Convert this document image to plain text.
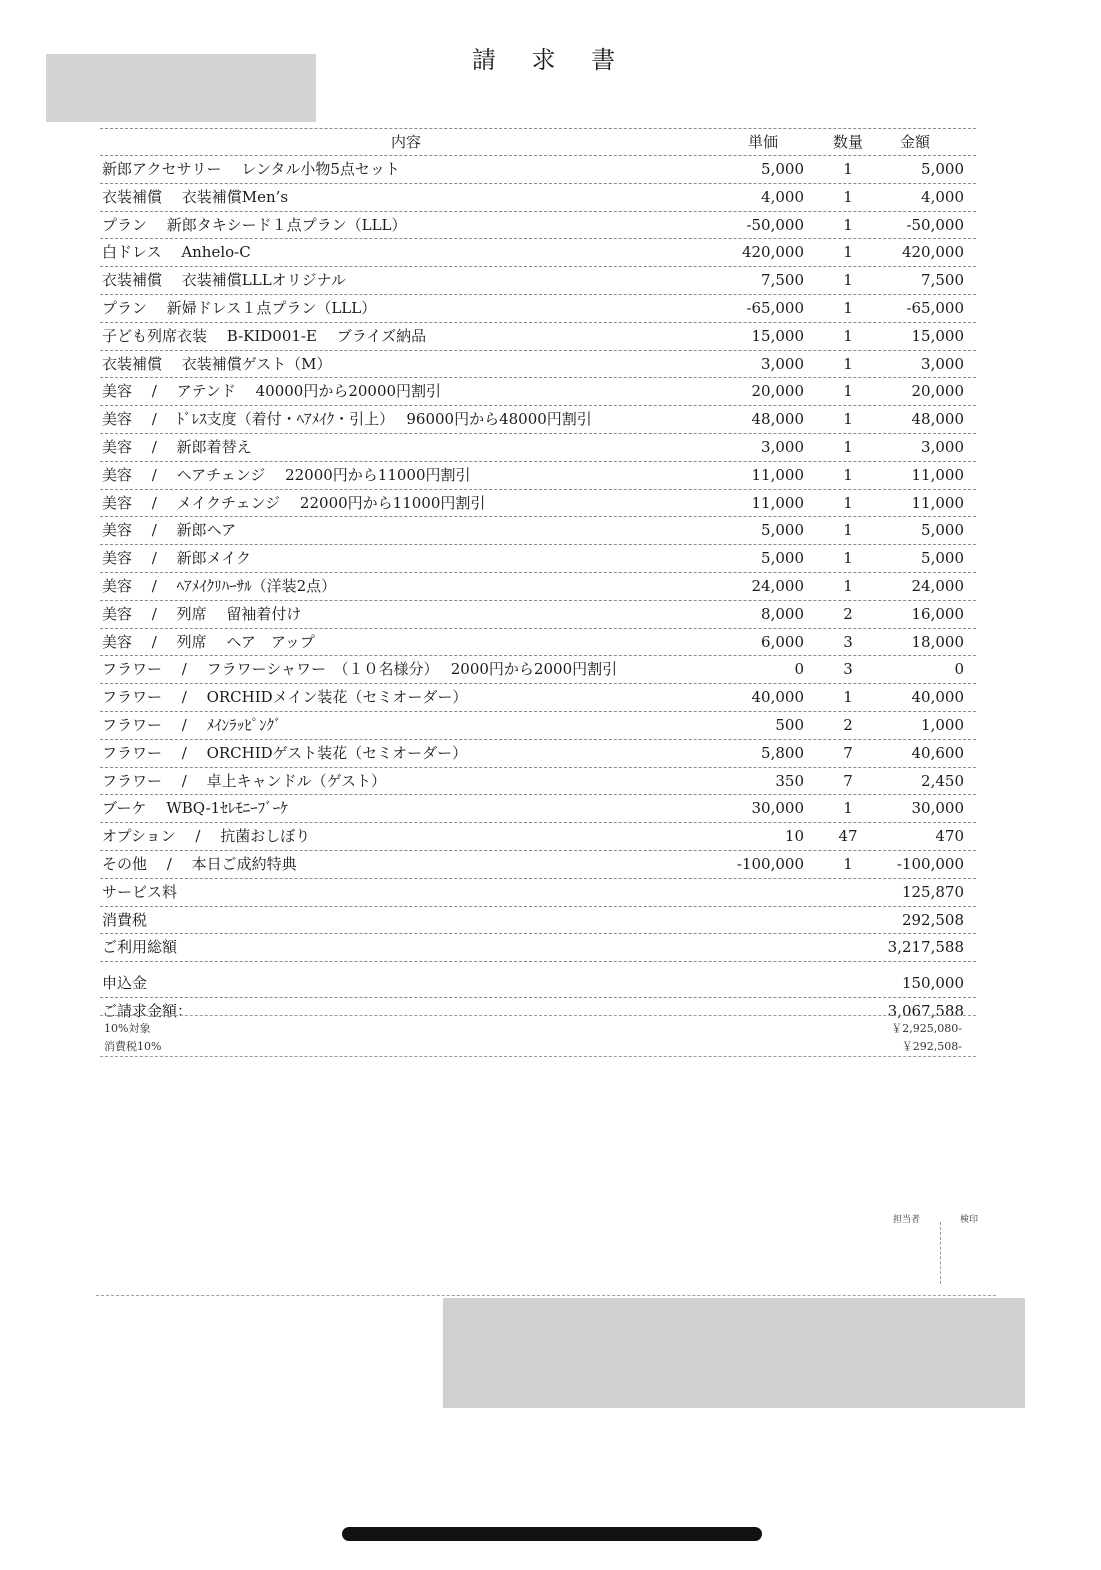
請 求 書
内容	単価	数量	金額
新郎アクセサリー　 レンタル小物5点セット	5,000	1	5,000
衣装補償　 衣装補償Men’s	4,000	1	4,000
プラン　 新郎タキシード１点プラン（LLL）	-50,000	1	-50,000
白ドレス　 Anhelo-C	420,000	1	420,000
衣装補償　 衣装補償LLLオリジナル	7,500	1	7,500
プラン　 新婦ドレス１点プラン（LLL）	-65,000	1	-65,000
子ども列席衣装　 B-KID001-E　 ブライズ納品	15,000	1	15,000
衣装補償　 衣装補償ゲスト（M）	3,000	1	3,000
美容　 /　 アテンド　 40000円から20000円割引	20,000	1	20,000
美容　 /　 ﾄﾞﾚｽ支度（着付・ﾍｱﾒｲｸ・引上）　 96000円から48000円割引	48,000	1	48,000
美容　 /　 新郎着替え	3,000	1	3,000
美容　 /　 ヘアチェンジ　 22000円から11000円割引	11,000	1	11,000
美容　 /　 メイクチェンジ　 22000円から11000円割引	11,000	1	11,000
美容　 /　 新郎ヘア	5,000	1	5,000
美容　 /　 新郎メイク	5,000	1	5,000
美容　 /　 ﾍｱﾒｲｸﾘﾊｰｻﾙ（洋装2点）	24,000	1	24,000
美容　 /　 列席　 留袖着付け	8,000	2	16,000
美容　 /　 列席　 ヘア　アップ	6,000	3	18,000
フラワー　 /　 フラワーシャワー　（１０名様分）　 2000円から2000円割引	0	3	0
フラワー　 /　 ORCHIDメイン装花（セミオーダー）	40,000	1	40,000
フラワー　 /　 ﾒｲﾝﾗｯﾋﾟﾝｸﾞ	500	2	1,000
フラワー　 /　 ORCHIDゲスト装花（セミオーダー）	5,800	7	40,600
フラワー　 /　 卓上キャンドル（ゲスト）	350	7	2,450
ブーケ　 WBQ-1ｾﾚﾓﾆｰﾌﾞｰｹ	30,000	1	30,000
オプション　 /　 抗菌おしぼり	10	47	470
その他　 /　 本日ご成約特典	-100,000	1	-100,000
サービス料	125,870
消費税	292,508
ご利用総額	3,217,588
申込金	150,000
ご請求金額：	3,067,588
10%対象	￥2,925,080-
消費税10%	￥292,508-
担当者	検印
